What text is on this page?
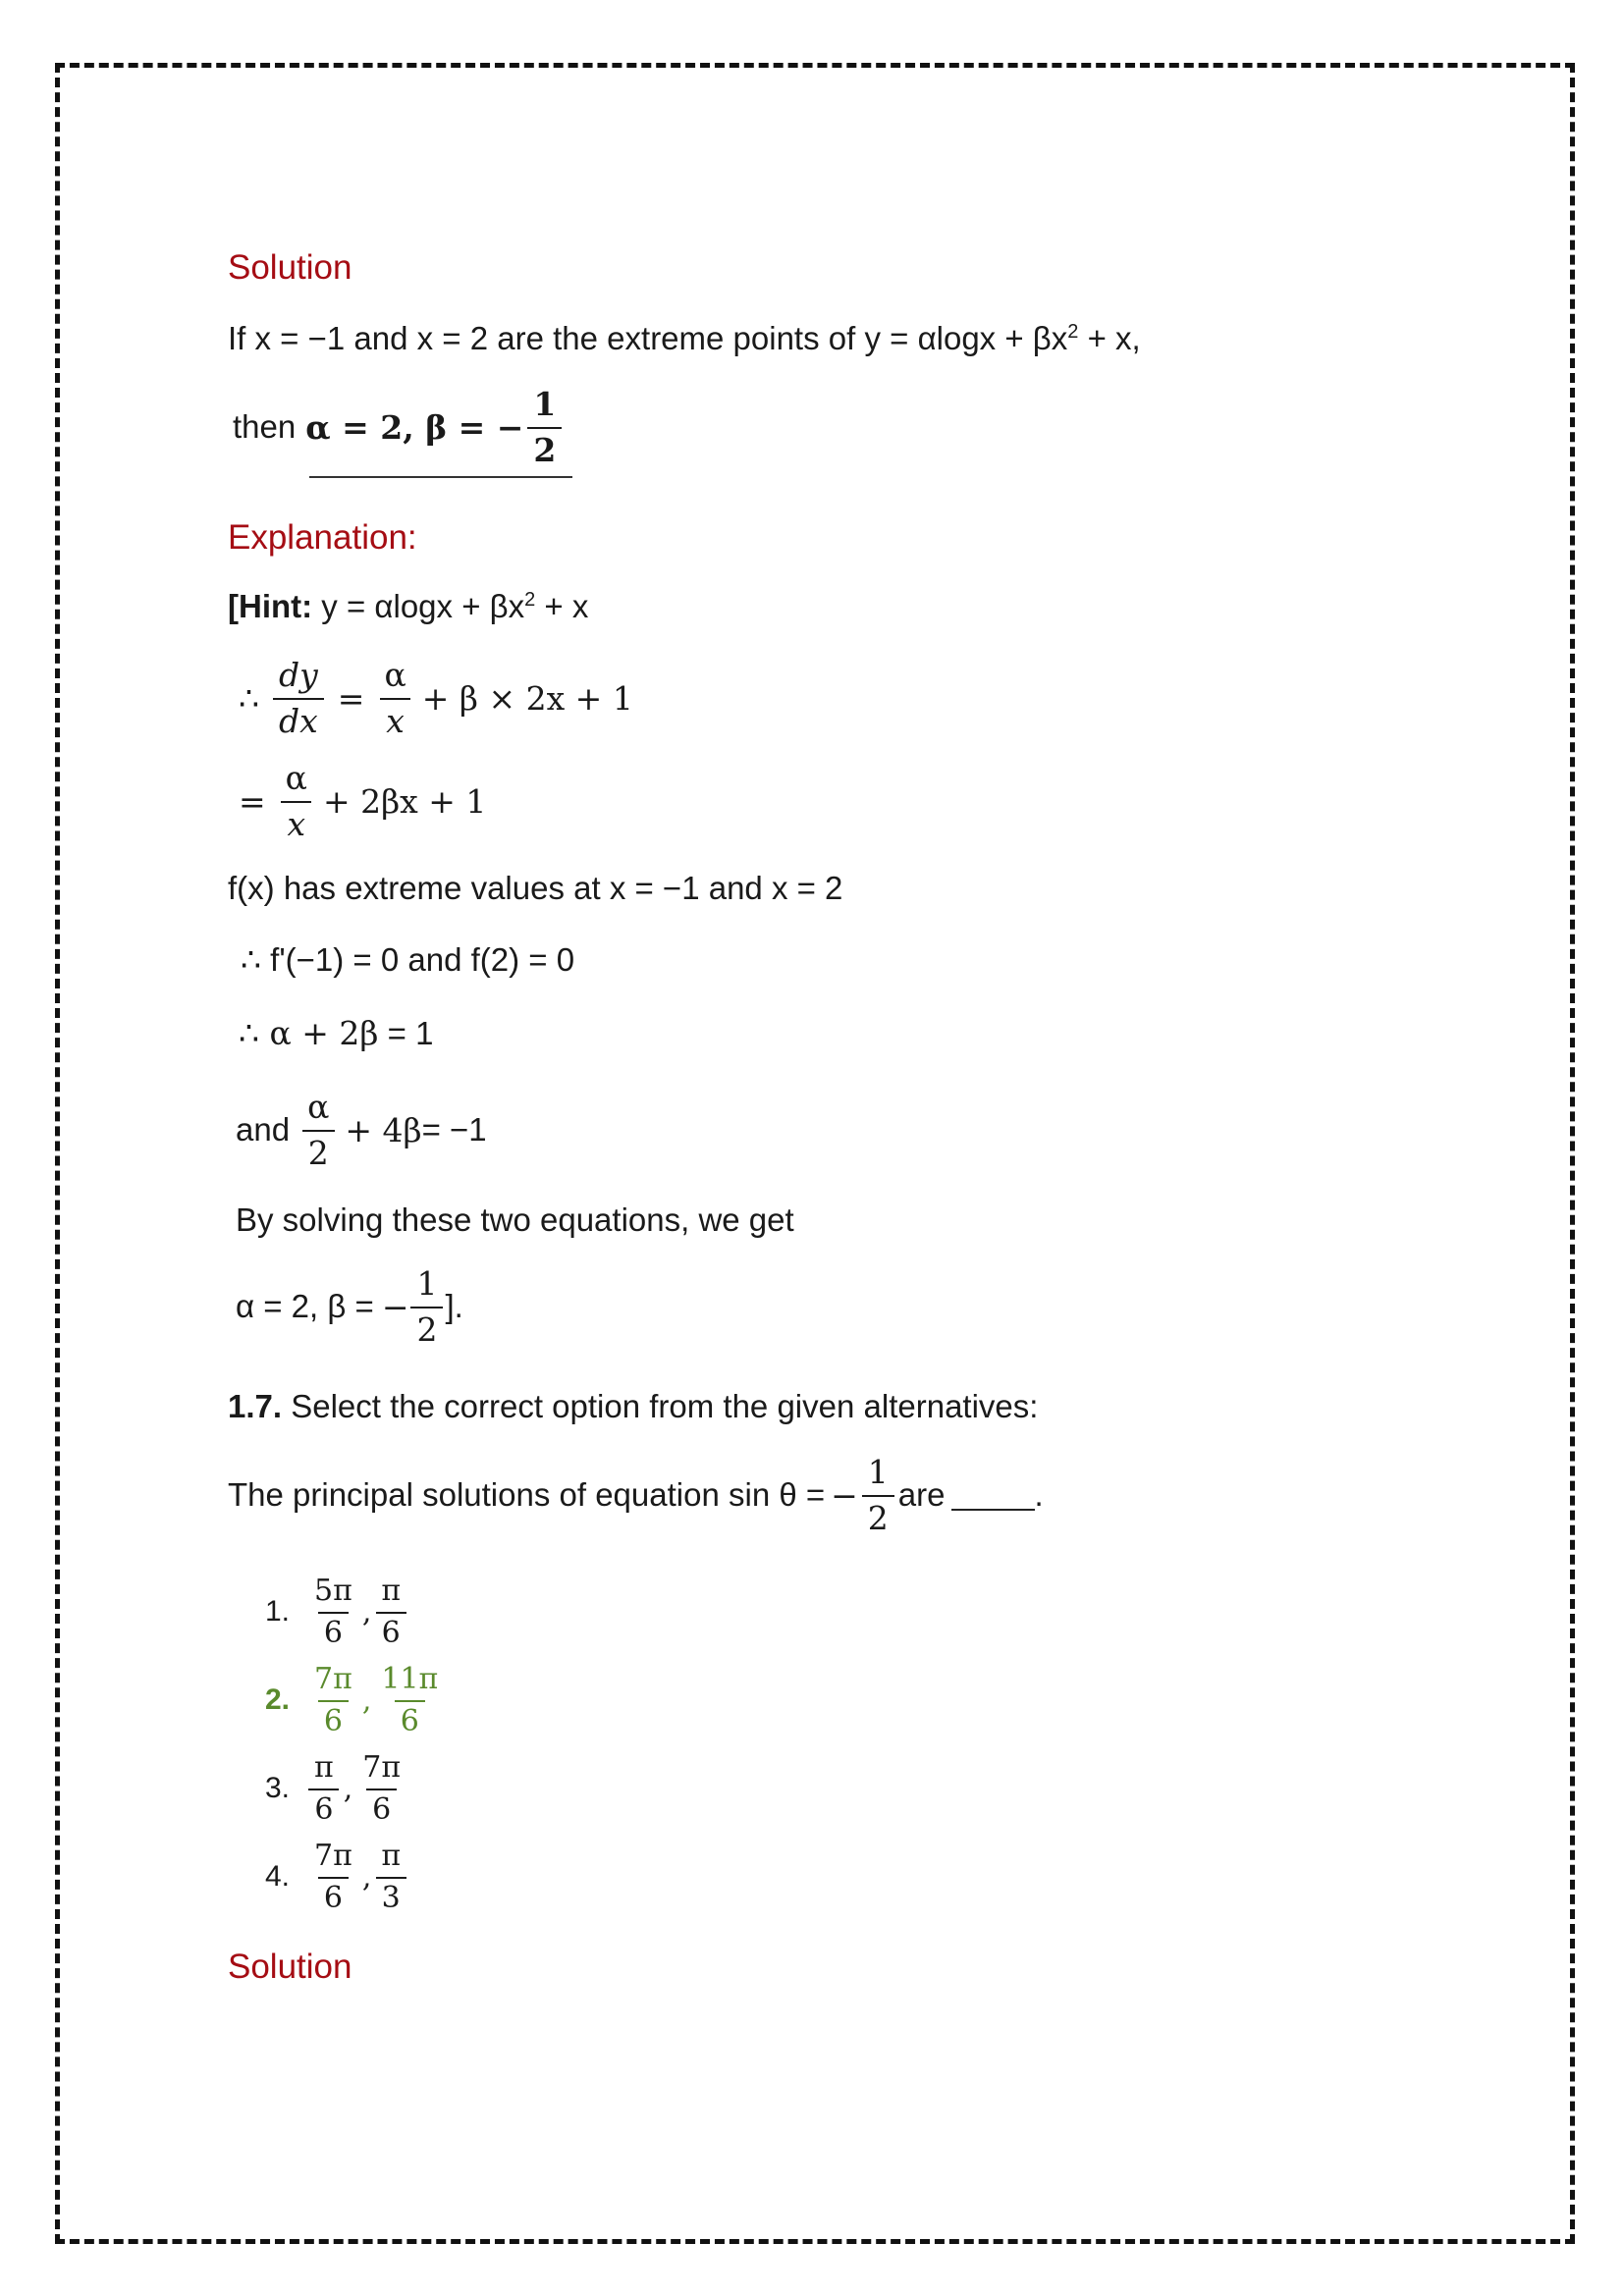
Solution
If x = −1 and x = 2 are the extreme points of $y = \alpha\log x + \beta x^2 + x$,
then α = 2, β = − $\frac{1}{2}$
Explanation:
[Hint: $y = \alpha\log x + \beta x^2 + x$
∴ $\frac{dy}{dx} = \frac{\alpha}{x} + \beta \times 2x + 1$
= $\frac{\alpha}{x} + 2\beta x + 1$
f(x) has extreme values at x = −1 and x = 2
∴ f'(−1) = 0 and f(2) = 0
∴ α + 2β = 1
and $\frac{\alpha}{2} + 4\beta = -1$
By solving these two equations, we get
α = 2, β = − $\frac{1}{2}$ ].
1.7. Select the correct option from the given alternatives:
The principal solutions of equation sin θ = − $\frac{1}{2}$ are	.
1. $\frac{5\pi}{6}$ , $\frac{\pi}{6}$
2. $\frac{7\pi}{6}$ , $\frac{11\pi}{6}$
3. $\frac{\pi}{6}$ , $\frac{7\pi}{6}$
4. $\frac{7\pi}{6}$ , $\frac{\pi}{3}$
Solution
